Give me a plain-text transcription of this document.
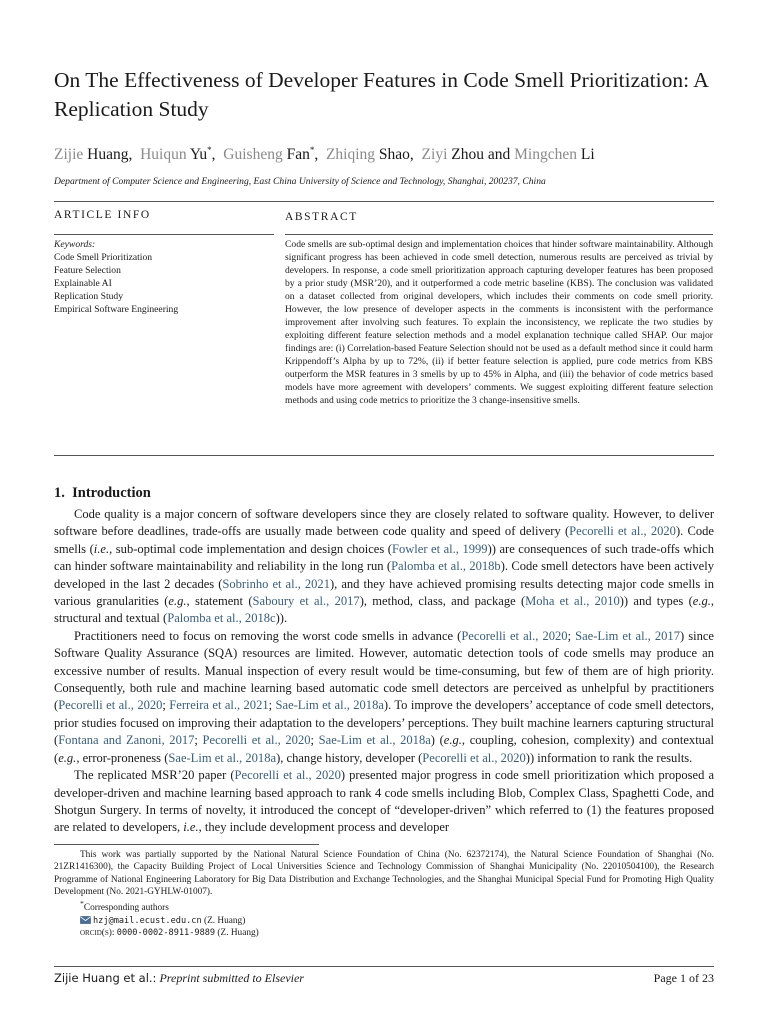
On The Effectiveness of Developer Features in Code Smell Prioritization: A Replication Study
Zijie Huang, Huiqun Yu*, Guisheng Fan*, Zhiqing Shao, Ziyi Zhou and Mingchen Li
Department of Computer Science and Engineering, East China University of Science and Technology, Shanghai, 200237, China
ARTICLE INFO	ABSTRACT
Keywords:
Code Smell Prioritization
Feature Selection
Explainable AI
Replication Study
Empirical Software Engineering
Code smells are sub-optimal design and implementation choices that hinder software maintainability. Although significant progress has been achieved in code smell detection, numerous results are perceived as trivial by developers. In response, a code smell prioritization approach capturing developer features has been proposed by a prior study (MSR’20), and it outperformed a code metric baseline (KBS). The conclusion was validated on a dataset collected from original developers, which includes their comments on code smell priority. However, the low presence of developer aspects in the comments is inconsistent with the performance improvement after involving such features. To explain the inconsistency, we replicate the two studies by exploiting different feature selection methods and a model explanation technique called SHAP. Our major findings are: (i) Correlation-based Feature Selection should not be used as a default method since it could harm Krippendoff’s Alpha by up to 72%, (ii) if better feature selection is applied, pure code metrics from KBS outperform the MSR features in 3 smells by up to 45% in Alpha, and (iii) the behavior of code metrics based models have more agreement with developers’ comments. We suggest exploiting different feature selection methods and using code metrics to prioritize the 3 change-insensitive smells.
1. Introduction

Code quality is a major concern of software developers since they are closely related to software quality. However, to deliver software before deadlines, trade-offs are usually made between code quality and speed of delivery (Pecorelli et al., 2020). Code smells (i.e., sub-optimal code implementation and design choices (Fowler et al., 1999)) are consequences of such trade-offs which can hinder software maintainability and reliability in the long run (Palomba et al., 2018b). Code smell detectors have been actively developed in the last 2 decades (Sobrinho et al., 2021), and they have achieved promising results detecting major code smells in various granularities (e.g., statement (Saboury et al., 2017), method, class, and package (Moha et al., 2010)) and types (e.g., structural and textual (Palomba et al., 2018c)).

Practitioners need to focus on removing the worst code smells in advance (Pecorelli et al., 2020; Sae-Lim et al., 2017) since Software Quality Assurance (SQA) resources are limited. However, automatic detection tools of code smells may produce an excessive number of results. Manual inspection of every result would be time-consuming, but few of them are of high priority. Consequently, both rule and machine learning based automatic code smell detectors are perceived as unhelpful by practitioners (Pecorelli et al., 2020; Ferreira et al., 2021; Sae-Lim et al., 2018a). To improve the developers’ acceptance of code smell detectors, prior studies focused on improving their adaptation to the developers’ perceptions. They built machine learners capturing structural (Fontana and Zanoni, 2017; Pecorelli et al., 2020; Sae-Lim et al., 2018a) (e.g., coupling, cohesion, complexity) and contextual (e.g., error-proneness (Sae-Lim et al., 2018a), change history, developer (Pecorelli et al., 2020)) information to rank the results.

The replicated MSR’20 paper (Pecorelli et al., 2020) presented major progress in code smell prioritization which proposed a developer-driven and machine learning based approach to rank 4 code smells including Blob, Complex Class, Spaghetti Code, and Shotgun Surgery. In terms of novelty, it introduced the concept of “developer-driven” which referred to (1) the features proposed are related to developers, i.e., they include development process and developer

This work was partially supported by the National Natural Science Foundation of China (No. 62372174), the Natural Science Foundation of Shanghai (No. 21ZR1416300), the Capacity Building Project of Local Universities Science and Technology Commission of Shanghai Municipality (No. 22010504100), the Research Programme of National Engineering Laboratory for Big Data Distribution and Exchange Technologies, and the Shanghai Municipal Special Fund for Promoting High Quality Development (No. 2021-GYHLW-01007).

*Corresponding authors

hzj@mail.ecust.edu.cn (Z. Huang)

orcid(s): 0000-0002-8911-9889 (Z. Huang)

Zijie Huang et al.: Preprint submitted to Elsevier	Page 1 of 23
